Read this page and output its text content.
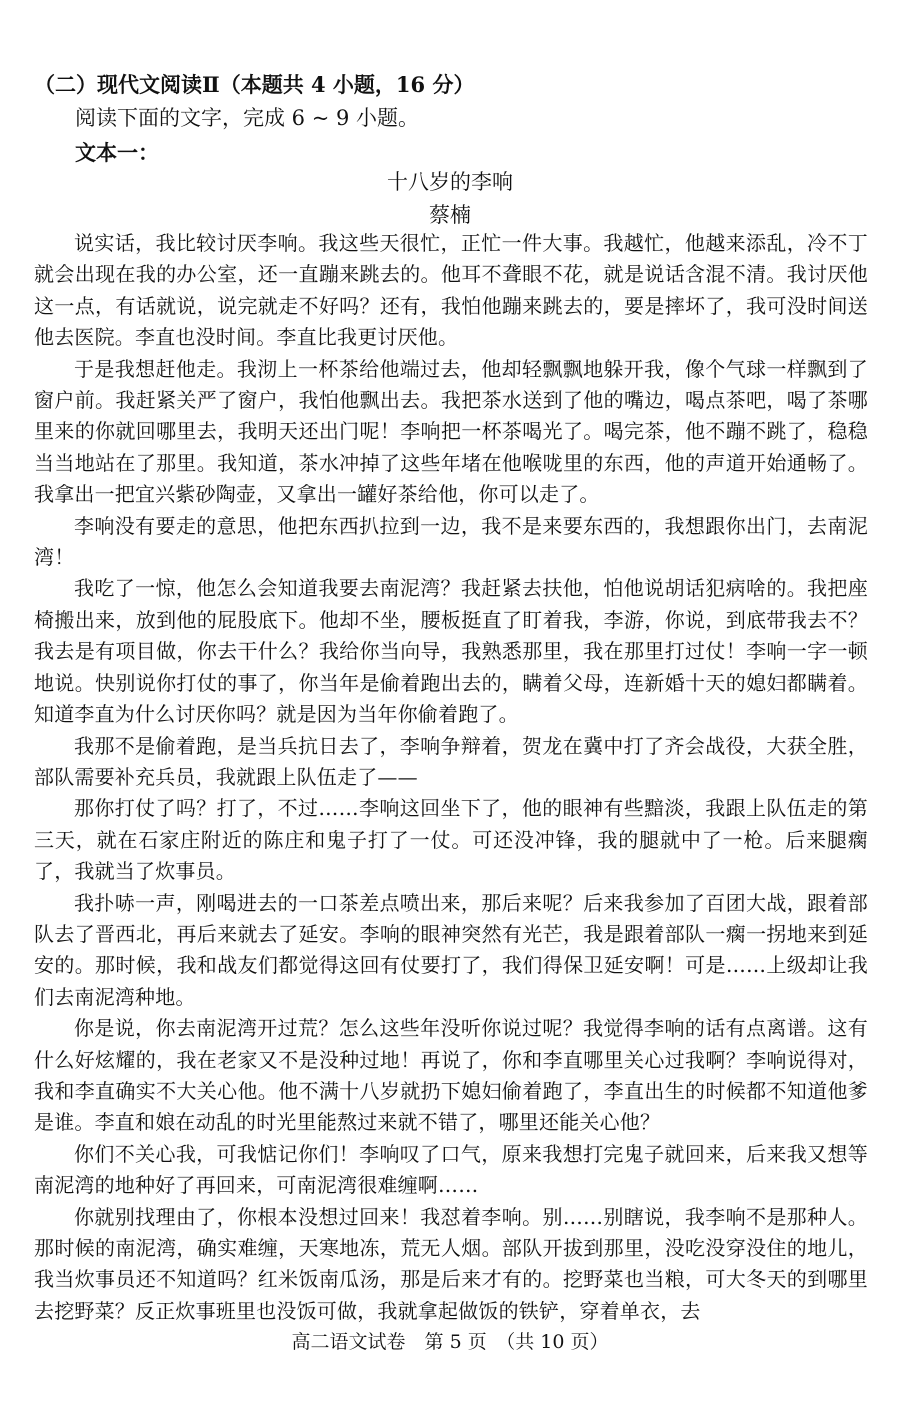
（二）现代文阅读Ⅱ（本题共 4 小题，16 分）
阅读下面的文字，完成 6 ~ 9 小题。
文本一：
十八岁的李响
蔡楠

说实话，我比较讨厌李响。我这些天很忙，正忙一件大事。我越忙，他越来添乱，冷不丁就会出现在我的办公室，还一直蹦来跳去的。他耳不聋眼不花，就是说话含混不清。我讨厌他这一点，有话就说，说完就走不好吗？还有，我怕他蹦来跳去的，要是摔坏了，我可没时间送他去医院。李直也没时间。李直比我更讨厌他。

于是我想赶他走。我沏上一杯茶给他端过去，他却轻飘飘地躲开我，像个气球一样飘到了窗户前。我赶紧关严了窗户，我怕他飘出去。我把茶水送到了他的嘴边，喝点茶吧，喝了茶哪里来的你就回哪里去，我明天还出门呢！李响把一杯茶喝光了。喝完茶，他不蹦不跳了，稳稳当当地站在了那里。我知道，茶水冲掉了这些年堵在他喉咙里的东西，他的声道开始通畅了。我拿出一把宜兴紫砂陶壶，又拿出一罐好茶给他，你可以走了。

李响没有要走的意思，他把东西扒拉到一边，我不是来要东西的，我想跟你出门，去南泥湾！

我吃了一惊，他怎么会知道我要去南泥湾？我赶紧去扶他，怕他说胡话犯病啥的。我把座椅搬出来，放到他的屁股底下。他却不坐，腰板挺直了盯着我，李游，你说，到底带我去不？我去是有项目做，你去干什么？我给你当向导，我熟悉那里，我在那里打过仗！李响一字一顿地说。快别说你打仗的事了，你当年是偷着跑出去的，瞒着父母，连新婚十天的媳妇都瞒着。知道李直为什么讨厌你吗？就是因为当年你偷着跑了。

我那不是偷着跑，是当兵抗日去了，李响争辩着，贺龙在冀中打了齐会战役，大获全胜，部队需要补充兵员，我就跟上队伍走了——

那你打仗了吗？打了，不过……李响这回坐下了，他的眼神有些黯淡，我跟上队伍走的第三天，就在石家庄附近的陈庄和鬼子打了一仗。可还没冲锋，我的腿就中了一枪。后来腿瘸了，我就当了炊事员。

我扑哧一声，刚喝进去的一口茶差点喷出来，那后来呢？后来我参加了百团大战，跟着部队去了晋西北，再后来就去了延安。李响的眼神突然有光芒，我是跟着部队一瘸一拐地来到延安的。那时候，我和战友们都觉得这回有仗要打了，我们得保卫延安啊！可是……上级却让我们去南泥湾种地。

你是说，你去南泥湾开过荒？怎么这些年没听你说过呢？我觉得李响的话有点离谱。这有什么好炫耀的，我在老家又不是没种过地！再说了，你和李直哪里关心过我啊？李响说得对，我和李直确实不大关心他。他不满十八岁就扔下媳妇偷着跑了，李直出生的时候都不知道他爹是谁。李直和娘在动乱的时光里能熬过来就不错了，哪里还能关心他？

你们不关心我，可我惦记你们！李响叹了口气，原来我想打完鬼子就回来，后来我又想等南泥湾的地种好了再回来，可南泥湾很难缠啊……

你就别找理由了，你根本没想过回来！我怼着李响。别……别瞎说，我李响不是那种人。那时候的南泥湾，确实难缠，天寒地冻，荒无人烟。部队开拔到那里，没吃没穿没住的地儿，我当炊事员还不知道吗？红米饭南瓜汤，那是后来才有的。挖野菜也当粮，可大冬天的到哪里去挖野菜？反正炊事班里也没饭可做，我就拿起做饭的铁铲，穿着单衣，去

高二语文试卷　第 5 页　（共 10 页）
